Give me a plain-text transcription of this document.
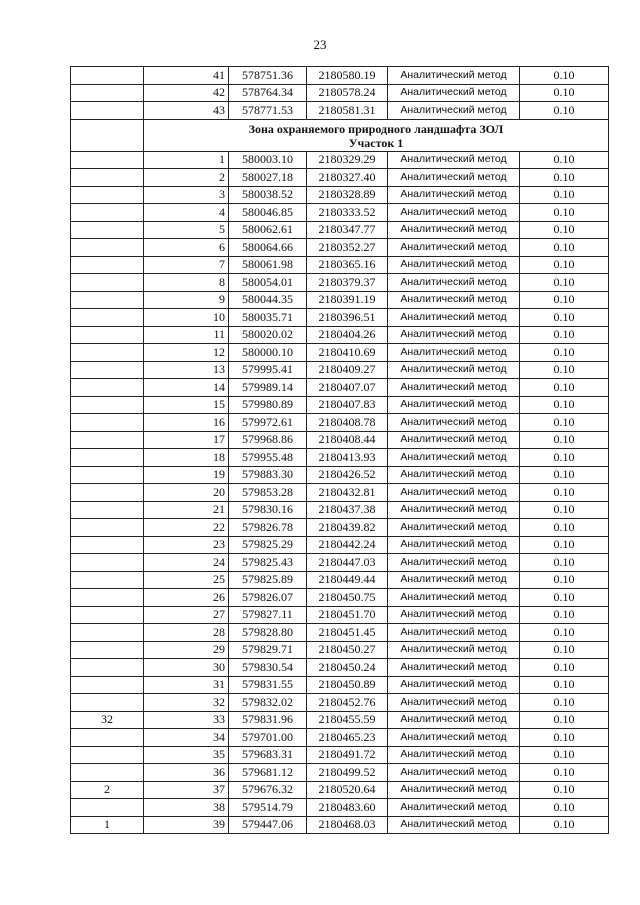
23
	41	578751.36	2180580.19	Аналитический метод	0.10
	42	578764.34	2180578.24	Аналитический метод	0.10
	43	578771.53	2180581.31	Аналитический метод	0.10

	Зона охраняемого природного ландшафта ЗОЛ
Участок 1				

	1	580003.10	2180329.29	Аналитический метод	0.10
	2	580027.18	2180327.40	Аналитический метод	0.10
	3	580038.52	2180328.89	Аналитический метод	0.10
	4	580046.85	2180333.52	Аналитический метод	0.10
	5	580062.61	2180347.77	Аналитический метод	0.10
	6	580064.66	2180352.27	Аналитический метод	0.10
	7	580061.98	2180365.16	Аналитический метод	0.10
	8	580054.01	2180379.37	Аналитический метод	0.10
	9	580044.35	2180391.19	Аналитический метод	0.10
	10	580035.71	2180396.51	Аналитический метод	0.10
	11	580020.02	2180404.26	Аналитический метод	0.10
	12	580000.10	2180410.69	Аналитический метод	0.10
	13	579995.41	2180409.27	Аналитический метод	0.10
	14	579989.14	2180407.07	Аналитический метод	0.10
	15	579980.89	2180407.83	Аналитический метод	0.10
	16	579972.61	2180408.78	Аналитический метод	0.10
	17	579968.86	2180408.44	Аналитический метод	0.10
	18	579955.48	2180413.93	Аналитический метод	0.10
	19	579883.30	2180426.52	Аналитический метод	0.10
	20	579853.28	2180432.81	Аналитический метод	0.10
	21	579830.16	2180437.38	Аналитический метод	0.10
	22	579826.78	2180439.82	Аналитический метод	0.10
	23	579825.29	2180442.24	Аналитический метод	0.10
	24	579825.43	2180447.03	Аналитический метод	0.10
	25	579825.89	2180449.44	Аналитический метод	0.10
	26	579826.07	2180450.75	Аналитический метод	0.10
	27	579827.11	2180451.70	Аналитический метод	0.10
	28	579828.80	2180451.45	Аналитический метод	0.10
	29	579829.71	2180450.27	Аналитический метод	0.10
	30	579830.54	2180450.24	Аналитический метод	0.10
	31	579831.55	2180450.89	Аналитический метод	0.10
	32	579832.02	2180452.76	Аналитический метод	0.10
32	33	579831.96	2180455.59	Аналитический метод	0.10
	34	579701.00	2180465.23	Аналитический метод	0.10
	35	579683.31	2180491.72	Аналитический метод	0.10
	36	579681.12	2180499.52	Аналитический метод	0.10
2	37	579676.32	2180520.64	Аналитический метод	0.10
	38	579514.79	2180483.60	Аналитический метод	0.10
1	39	579447.06	2180468.03	Аналитический метод	0.10
